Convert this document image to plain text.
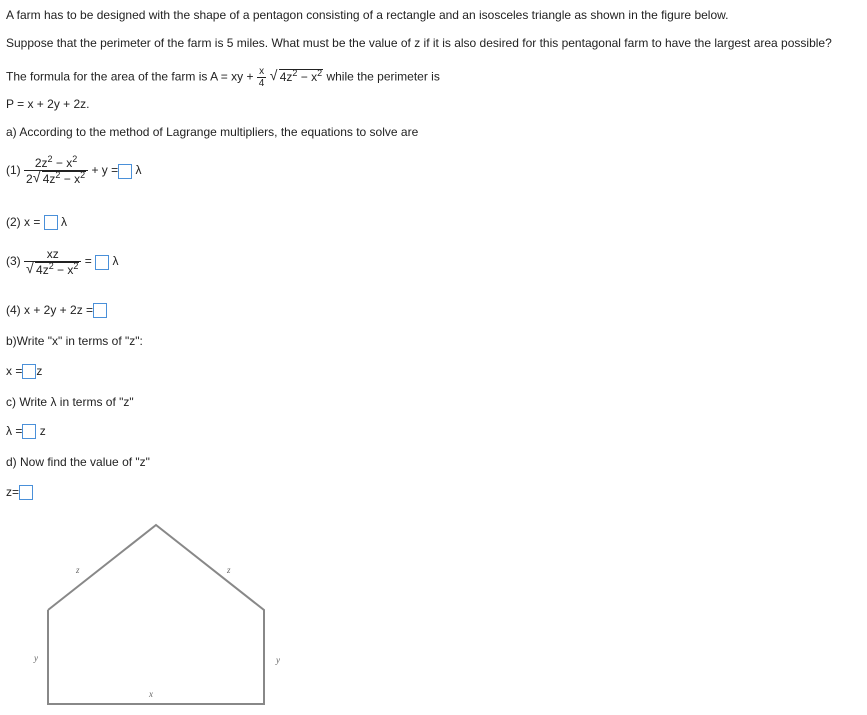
A farm has to be designed with the shape of a pentagon consisting of a rectangle and an isosceles triangle as shown in the figure below.
Suppose that the perimeter of the farm is 5 miles. What must be the value of z if it is also desired for this pentagonal farm to have the largest area possible?
The formula for the area of the farm is A = xy + $\frac{x}{4}$
√ $4z^2 - x^2$ while the perimeter is
P = x + 2y + 2z.
a) According to the method of Lagrange multipliers, the equations to solve are
$(1) \frac{2z^2 - x^2}{2 √ 4z^2 - x^2} + y = \lambda$
(2) x = λ
$(3) \frac{xz}{√ 4z^2 - x^2} = \lambda$
(4) x + 2y + 2z =
b)Write "x" in terms of "z":
x = z
c) Write λ in terms of "z"
λ = z
d) Now find the value of "z"
z=
z	z
y	y
x
